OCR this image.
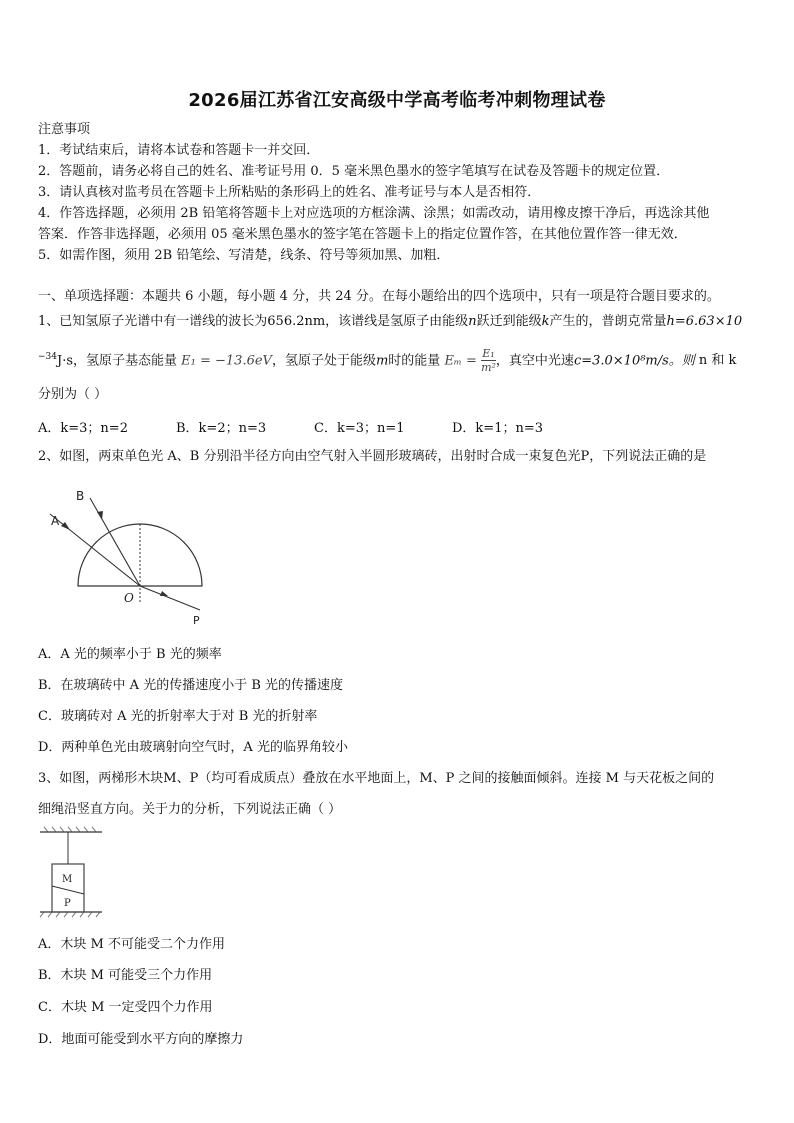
2026届江苏省江安高级中学高考临考冲刺物理试卷
注意事项
1．考试结束后，请将本试卷和答题卡一并交回．
2．答题前，请务必将自己的姓名、准考证号用 0．5 毫米黑色墨水的签字笔填写在试卷及答题卡的规定位置．
3．请认真核对监考员在答题卡上所粘贴的条形码上的姓名、准考证号与本人是否相符．
4．作答选择题，必须用 2B 铅笔将答题卡上对应选项的方框涂满、涂黑；如需改动，请用橡皮擦干净后，再选涂其他
答案．作答非选择题，必须用 05 毫米黑色墨水的签字笔在答题卡上的指定位置作答，在其他位置作答一律无效．
5．如需作图，须用 2B 铅笔绘、写清楚，线条、符号等须加黑、加粗．
一、单项选择题：本题共 6 小题，每小题 4 分，共 24 分。在每小题给出的四个选项中，只有一项是符合题目要求的。
1、已知氢原子光谱中有一谱线的波长为656.2nm，该谱线是氢原子由能级n跃迁到能级k产生的，普朗克常量h=6.63×10
$^{-34}$J·s，氢原子基态能量 E₁ = −13.6eV，氢原子处于能级m时的能量 $E_m = \frac{\text{E₁}}{\text{m²}}$ ，真空中光速c=3.0×10⁸m/s。则 n 和 k
分别为（ ）
A．k=3；n=2	B．k=2；n=3	C．k=3；n=1	D．k=1；n=3
2、如图，两束单色光 A、B 分别沿半径方向由空气射入半圆形玻璃砖，出射时合成一束复色光P，下列说法正确的是
A
B
O
P
A．A 光的频率小于 B 光的频率
B．在玻璃砖中 A 光的传播速度小于 B 光的传播速度
C．玻璃砖对 A 光的折射率大于对 B 光的折射率
D．两种单色光由玻璃射向空气时，A 光的临界角较小
3、如图，两梯形木块M、P（均可看成质点）叠放在水平地面上，M、P 之间的接触面倾斜。连接 M 与天花板之间的
细绳沿竖直方向。关于力的分析，下列说法正确（ ）
M
P
A．木块 M 不可能受二个力作用
B．木块 M 可能受三个力作用
C．木块 M 一定受四个力作用
D．地面可能受到水平方向的摩擦力
